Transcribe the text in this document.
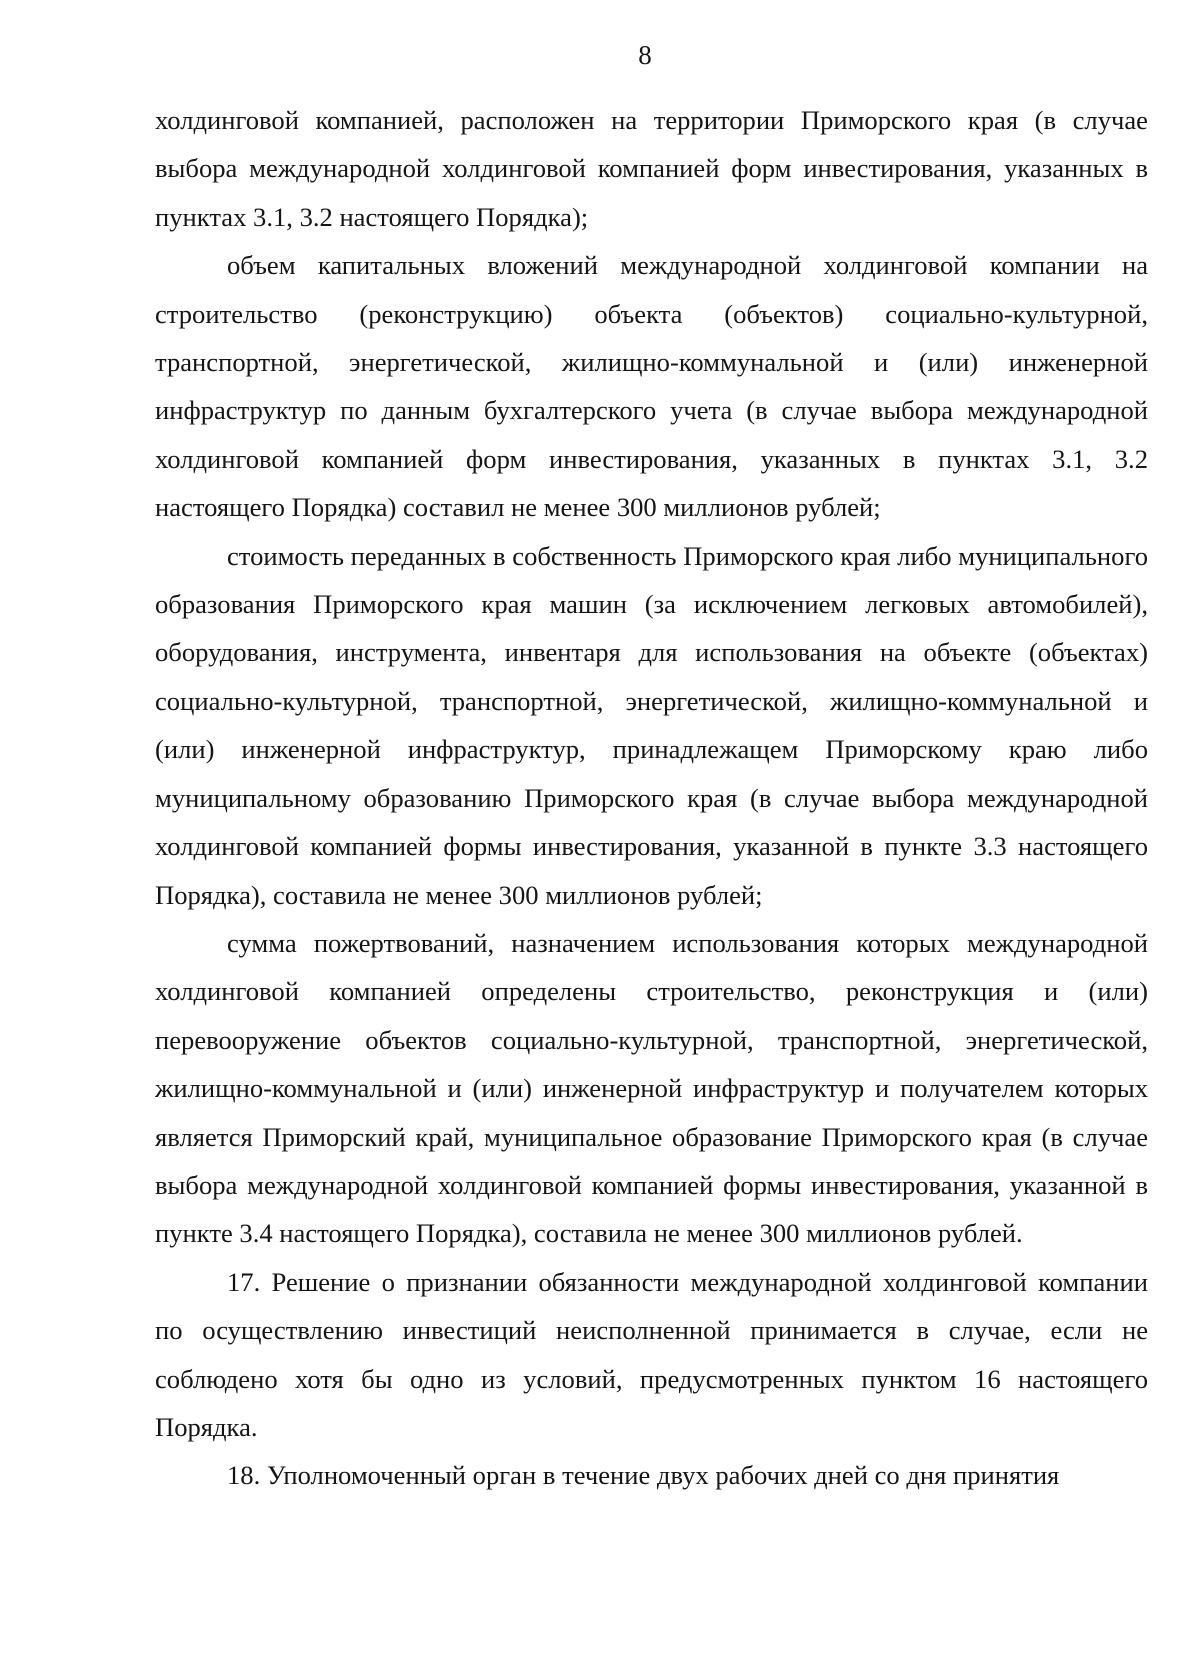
8

холдинговой компанией, расположен на территории Приморского края (в случае выбора международной холдинговой компанией форм инвестирования, указанных в пунктах 3.1, 3.2 настоящего Порядка);

объем капитальных вложений международной холдинговой компании на строительство (реконструкцию) объекта (объектов) социально-культурной, транспортной, энергетической, жилищно-коммунальной и (или) инженерной инфраструктур по данным бухгалтерского учета (в случае выбора международной холдинговой компанией форм инвестирования, указанных в пунктах 3.1, 3.2 настоящего Порядка) составил не менее 300 миллионов рублей;

стоимость переданных в собственность Приморского края либо муниципального образования Приморского края машин (за исключением легковых автомобилей), оборудования, инструмента, инвентаря для использования на объекте (объектах) социально-культурной, транспортной, энергетической, жилищно-коммунальной и (или) инженерной инфраструктур, принадлежащем Приморскому краю либо муниципальному образованию Приморского края (в случае выбора международной холдинговой компанией формы инвестирования, указанной в пункте 3.3 настоящего Порядка), составила не менее 300 миллионов рублей;

сумма пожертвований, назначением использования которых международной холдинговой компанией определены строительство, реконструкция и (или) перевооружение объектов социально-культурной, транспортной, энергетической, жилищно-коммунальной и (или) инженерной инфраструктур и получателем которых является Приморский край, муниципальное образование Приморского края (в случае выбора международной холдинговой компанией формы инвестирования, указанной в пункте 3.4 настоящего Порядка), составила не менее 300 миллионов рублей.

17. Решение о признании обязанности международной холдинговой компании по осуществлению инвестиций неисполненной принимается в случае, если не соблюдено хотя бы одно из условий, предусмотренных пунктом 16 настоящего Порядка.

18. Уполномоченный орган в течение двух рабочих дней со дня принятия
